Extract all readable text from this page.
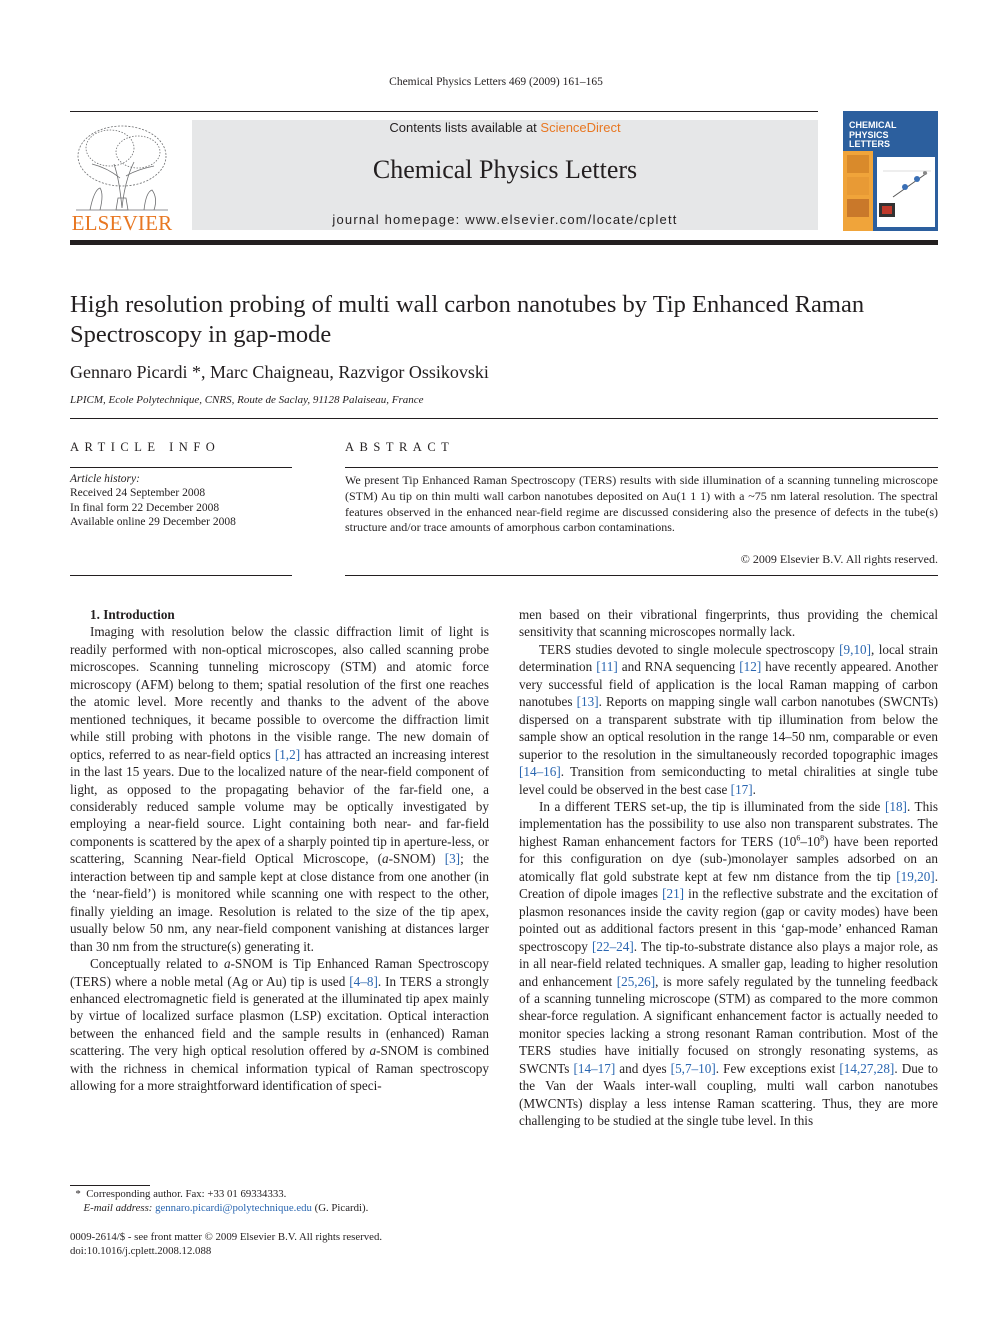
Chemical Physics Letters 469 (2009) 161–165
ELSEVIER
Contents lists available at ScienceDirect
Chemical Physics Letters
journal homepage: www.elsevier.com/locate/cplett
CHEMICAL
PHYSICS
LETTERS
High resolution probing of multi wall carbon nanotubes by Tip Enhanced Raman Spectroscopy in gap-mode
Gennaro Picardi *, Marc Chaigneau, Razvigor Ossikovski
LPICM, Ecole Polytechnique, CNRS, Route de Saclay, 91128 Palaiseau, France
ARTICLE INFO	ABSTRACT
Article history:
Received 24 September 2008
In final form 22 December 2008
Available online 29 December 2008
We present Tip Enhanced Raman Spectroscopy (TERS) results with side illumination of a scanning tunneling microscope (STM) Au tip on thin multi wall carbon nanotubes deposited on Au(1 1 1) with a ~75 nm lateral resolution. The spectral features observed in the enhanced near-field regime are discussed considering also the presence of defects in the tube(s) structure and/or trace amounts of amorphous carbon contaminations.
© 2009 Elsevier B.V. All rights reserved.

1. Introduction

Imaging with resolution below the classic diffraction limit of light is readily performed with non-optical microscopes, also called scanning probe microscopes. Scanning tunneling microscopy (STM) and atomic force microscopy (AFM) belong to them; spatial resolution of the first one reaches the atomic level. More recently and thanks to the advent of the above mentioned techniques, it became possible to overcome the diffraction limit while still probing with photons in the visible range. The new domain of optics, referred to as near-field optics [1,2] has attracted an increasing interest in the last 15 years. Due to the localized nature of the near-field component of light, as opposed to the propagating behavior of the far-field one, a considerably reduced sample volume may be optically investigated by employing a near-field source. Light containing both near- and far-field components is scattered by the apex of a sharply pointed tip in aperture-less, or scattering, Scanning Near-field Optical Microscope, (a-SNOM) [3]; the interaction between tip and sample kept at close distance from one another (in the ‘near-field’) is monitored while scanning one with respect to the other, finally yielding an image. Resolution is related to the size of the tip apex, usually below 50 nm, any near-field component vanishing at distances larger than 30 nm from the structure(s) generating it.

Conceptually related to a-SNOM is Tip Enhanced Raman Spectroscopy (TERS) where a noble metal (Ag or Au) tip is used [4–8]. In TERS a strongly enhanced electromagnetic field is generated at the illuminated tip apex mainly by virtue of localized surface plasmon (LSP) excitation. Optical interaction between the enhanced field and the sample results in (enhanced) Raman scattering. The very high optical resolution offered by a-SNOM is combined with the richness in chemical information typical of Raman spectroscopy allowing for a more straightforward identification of speci-

men based on their vibrational fingerprints, thus providing the chemical sensitivity that scanning microscopes normally lack.

TERS studies devoted to single molecule spectroscopy [9,10], local strain determination [11] and RNA sequencing [12] have recently appeared. Another very successful field of application is the local Raman mapping of carbon nanotubes [13]. Reports on mapping single wall carbon nanotubes (SWCNTs) dispersed on a transparent substrate with tip illumination from below the sample show an optical resolution in the range 14–50 nm, comparable or even superior to the resolution in the simultaneously recorded topographic images [14–16]. Transition from semiconducting to metal chiralities at single tube level could be observed in the best case [17].

In a different TERS set-up, the tip is illuminated from the side [18]. This implementation has the possibility to use also non transparent substrates. The highest Raman enhancement factors for TERS $(10^6-10^8)$ have been reported for this configuration on dye (sub-)monolayer samples adsorbed on an atomically flat gold substrate kept at few nm distance from the tip [19,20]. Creation of dipole images [21] in the reflective substrate and the excitation of plasmon resonances inside the cavity region (gap or cavity modes) have been pointed out as additional factors present in this ‘gap-mode’ enhanced Raman spectroscopy [22–24]. The tip-to-substrate distance also plays a major role, as in all near-field related techniques. A smaller gap, leading to higher resolution and enhancement [25,26], is more safely regulated by the tunneling feedback of a scanning tunneling microscope (STM) as compared to the more common shear-force regulation. A significant enhancement factor is actually needed to monitor species lacking a strong resonant Raman contribution. Most of the TERS studies have initially focused on strongly resonating systems, as SWCNTs [14–17] and dyes [5,7–10]. Few exceptions exist [14,27,28]. Due to the Van der Waals inter-wall coupling, multi wall carbon nanotubes (MWCNTs) display a less intense Raman scattering. Thus, they are more challenging to be studied at the single tube level. In this

* Corresponding author. Fax: +33 01 69334333.
E-mail address: gennaro.picardi@polytechnique.edu (G. Picardi).
0009-2614/$ - see front matter © 2009 Elsevier B.V. All rights reserved.
doi:10.1016/j.cplett.2008.12.088
